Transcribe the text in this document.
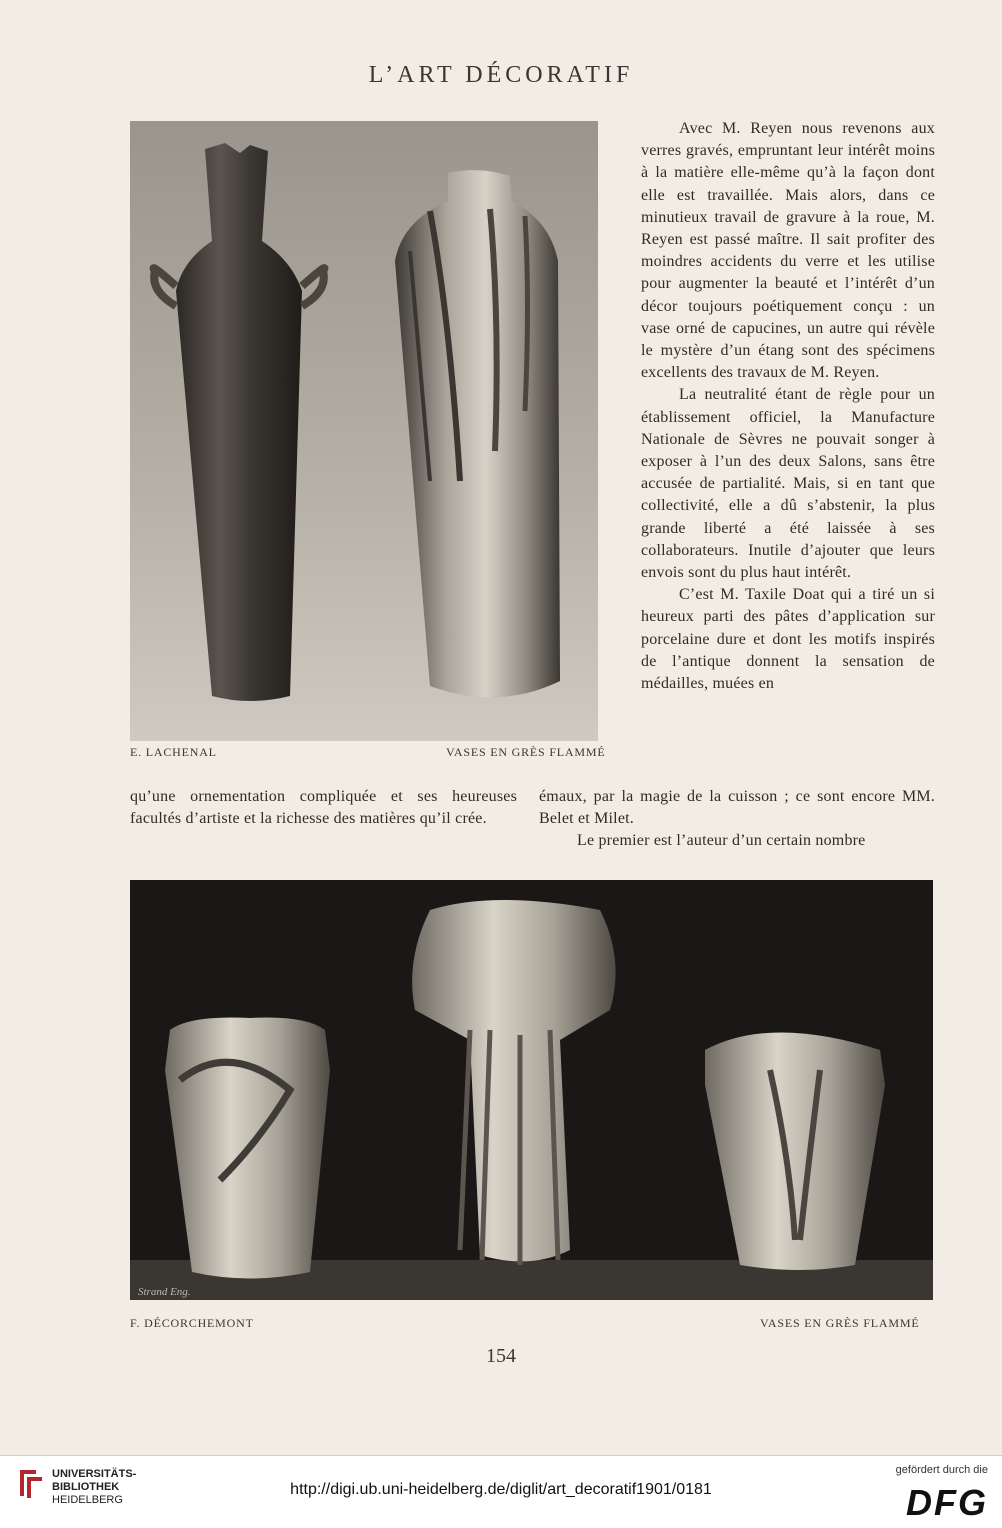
L’ART DÉCORATIF
E. LACHENAL	VASES EN GRÈS FLAMMÉ

Avec M. Reyen nous revenons aux verres gravés, empruntant leur intérêt moins à la matière elle-même qu’à la façon dont elle est travaillée. Mais alors, dans ce minutieux travail de gravure à la roue, M. Reyen est passé maître. Il sait profiter des moindres accidents du verre et les utilise pour augmenter la beauté et l’intérêt d’un décor toujours poétiquement conçu : un vase orné de capucines, un autre qui révèle le mystère d’un étang sont des spécimens excellents des travaux de M. Reyen.

La neutralité étant de règle pour un établissement officiel, la Manufacture Nationale de Sèvres ne pouvait songer à exposer à l’un des deux Salons, sans être accusée de partialité. Mais, si en tant que collectivité, elle a dû s’abstenir, la plus grande liberté a été laissée à ses collaborateurs. Inutile d’ajouter que leurs envois sont du plus haut intérêt.

C’est M. Taxile Doat qui a tiré un si heureux parti des pâtes d’application sur porcelaine dure et dont les motifs inspirés de l’antique donnent la sensation de médailles, muées en

qu’une ornementation compliquée et ses heureuses facultés d’artiste et la richesse des matières qu’il crée.

émaux, par la magie de la cuisson ; ce sont encore MM. Belet et Milet.

Le premier est l’auteur d’un certain nombre

Strand Eng.
F. DÉCORCHEMONT	VASES EN GRÈS FLAMMÉ
154
UNIVERSITÄTS-
BIBLIOTHEK
HEIDELBERG
http://digi.ub.uni-heidelberg.de/diglit/art_decoratif1901/0181
gefördert durch die
DFG
